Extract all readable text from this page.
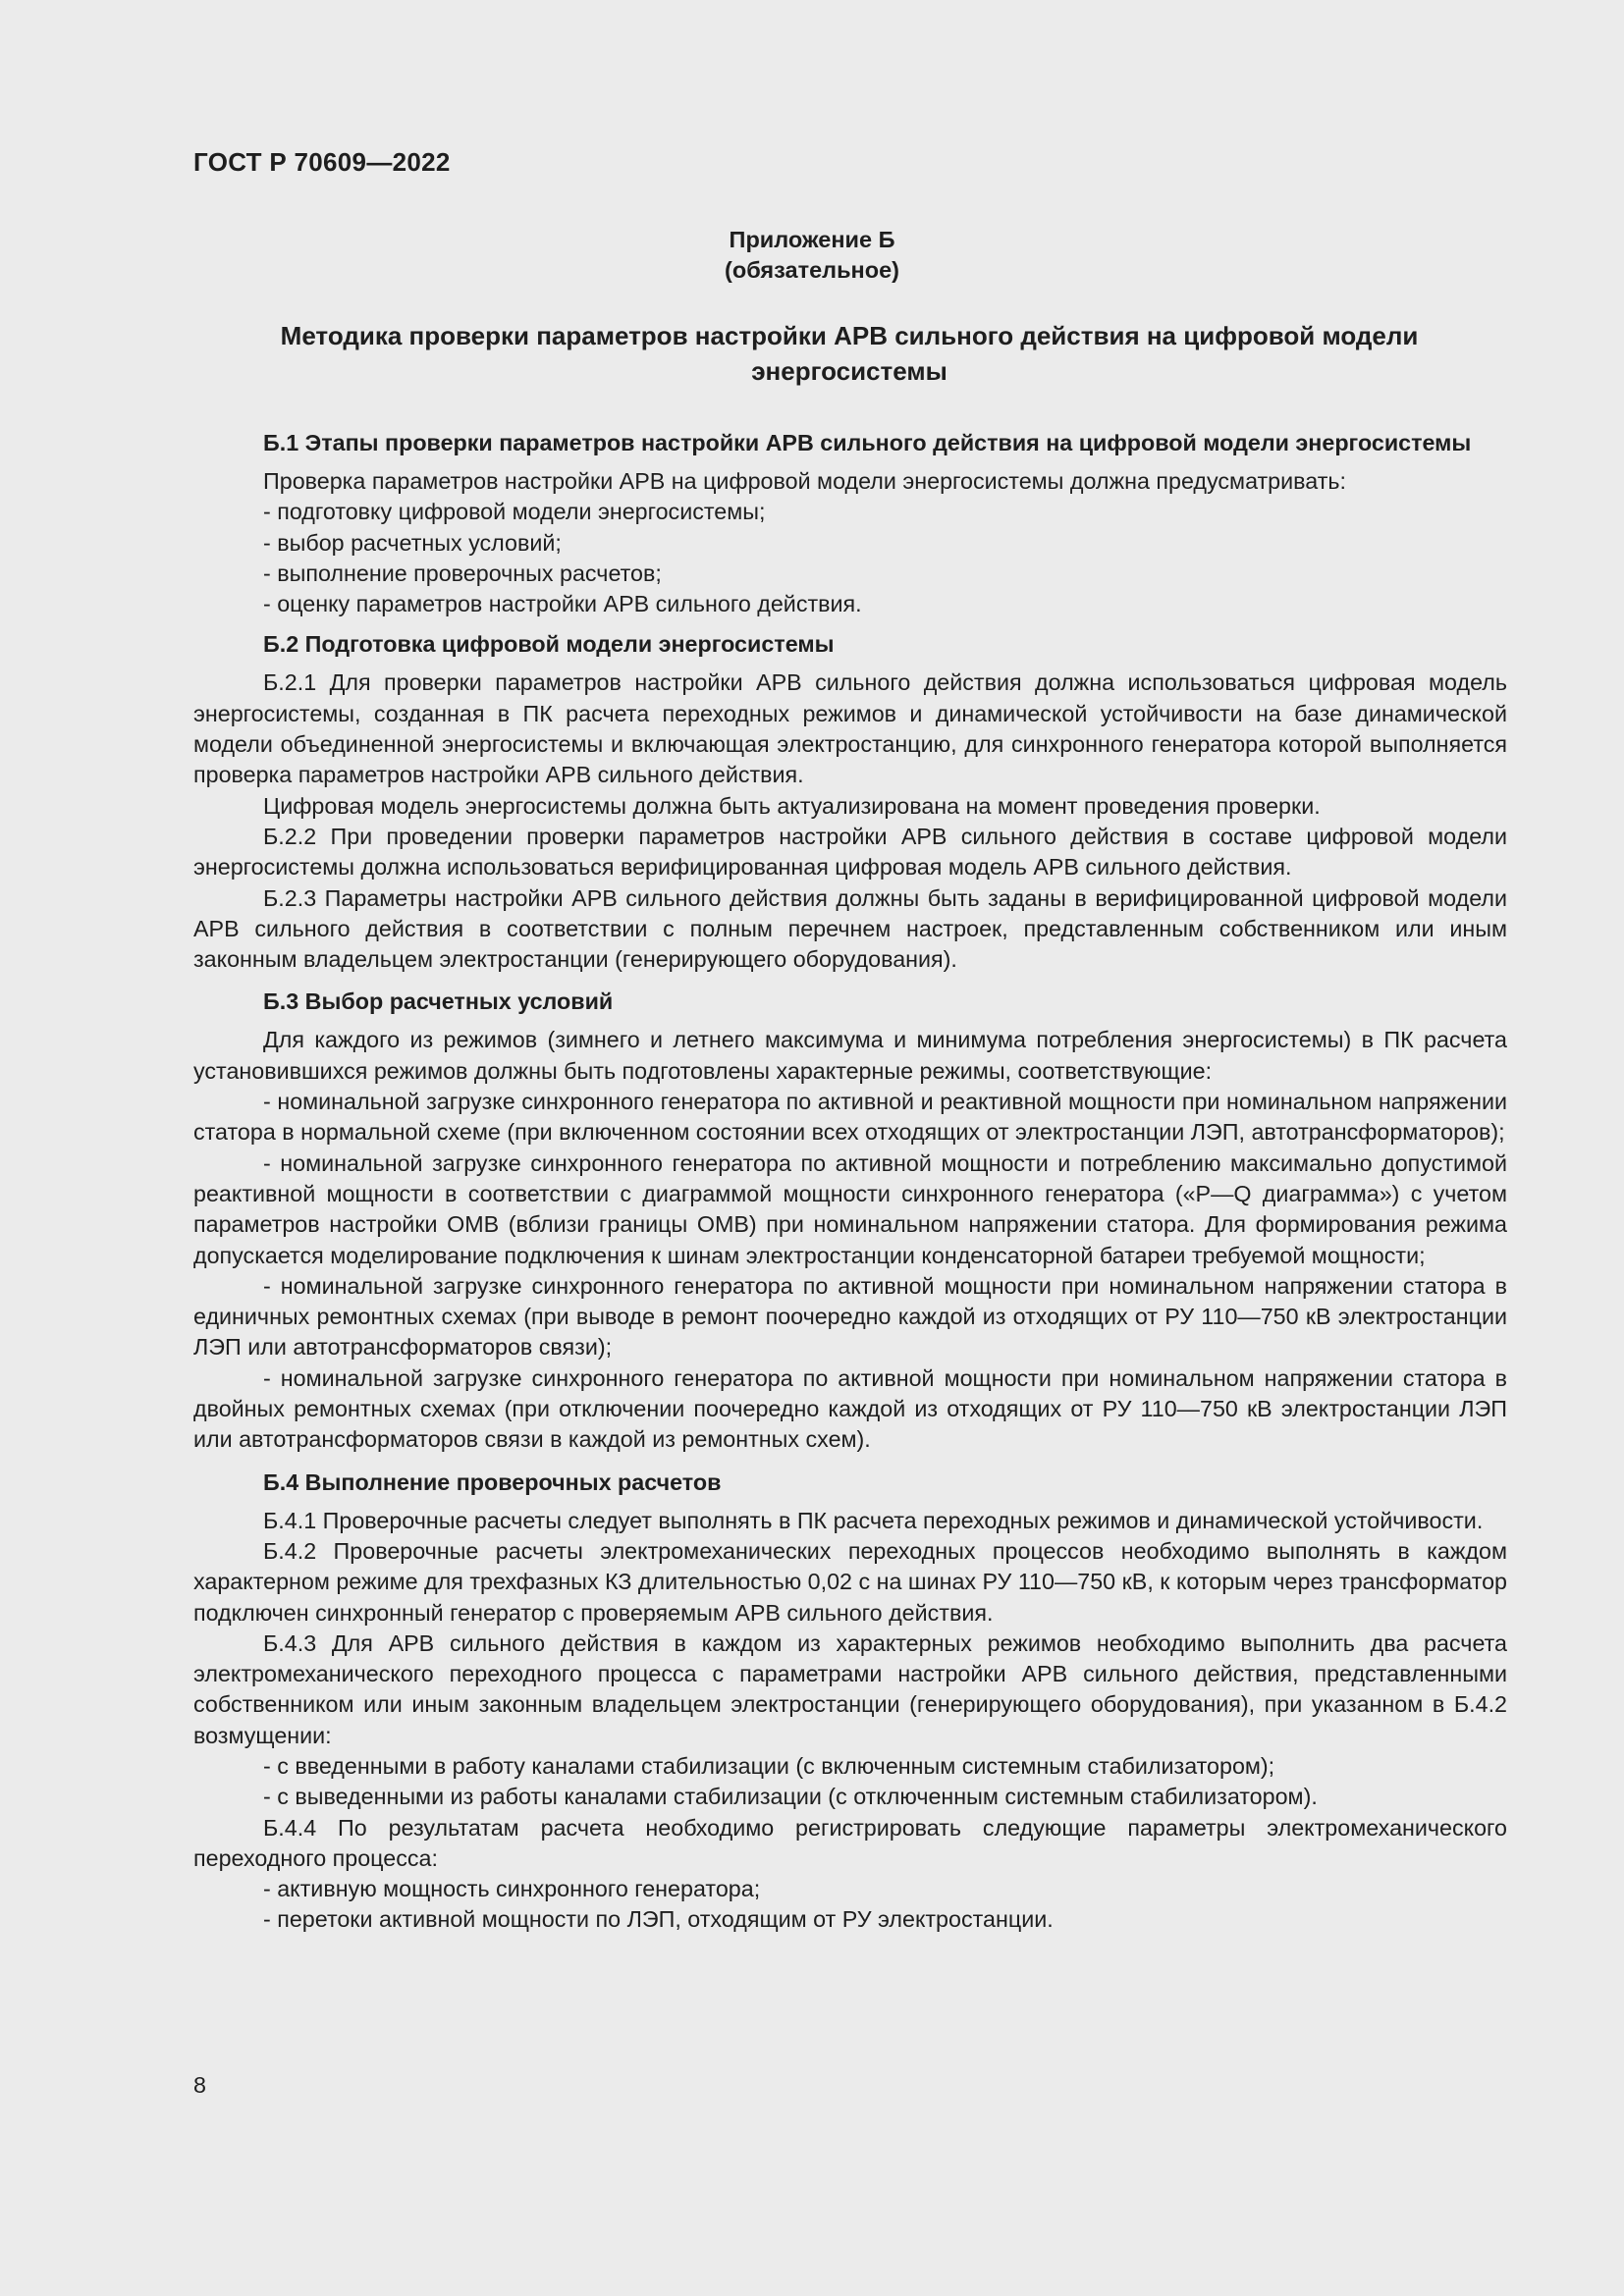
ГОСТ Р 70609—2022
Приложение Б
(обязательное)
Методика проверки параметров настройки АРВ сильного действия на цифровой модели энергосистемы

Б.1 Этапы проверки параметров настройки АРВ сильного действия на цифровой модели энергосистемы

Проверка параметров настройки АРВ на цифровой модели энергосистемы должна предусматривать:

- подготовку цифровой модели энергосистемы;

- выбор расчетных условий;

- выполнение проверочных расчетов;

- оценку параметров настройки АРВ сильного действия.

Б.2 Подготовка цифровой модели энергосистемы

Б.2.1 Для проверки параметров настройки АРВ сильного действия должна использоваться цифровая модель энергосистемы, созданная в ПК расчета переходных режимов и динамической устойчивости на базе динамической модели объединенной энергосистемы и включающая электростанцию, для синхронного генератора которой выполняется проверка параметров настройки АРВ сильного действия.

Цифровая модель энергосистемы должна быть актуализирована на момент проведения проверки.

Б.2.2 При проведении проверки параметров настройки АРВ сильного действия в составе цифровой модели энергосистемы должна использоваться верифицированная цифровая модель АРВ сильного действия.

Б.2.3 Параметры настройки АРВ сильного действия должны быть заданы в верифицированной цифровой модели АРВ сильного действия в соответствии с полным перечнем настроек, представленным собственником или иным законным владельцем электростанции (генерирующего оборудования).

Б.3 Выбор расчетных условий

Для каждого из режимов (зимнего и летнего максимума и минимума потребления энергосистемы) в ПК расчета установившихся режимов должны быть подготовлены характерные режимы, соответствующие:

- номинальной загрузке синхронного генератора по активной и реактивной мощности при номинальном напряжении статора в нормальной схеме (при включенном состоянии всех отходящих от электростанции ЛЭП, автотрансформаторов);

- номинальной загрузке синхронного генератора по активной мощности и потреблению максимально допустимой реактивной мощности в соответствии с диаграммой мощности синхронного генератора («P—Q диаграмма») с учетом параметров настройки ОМВ (вблизи границы ОМВ) при номинальном напряжении статора. Для формирования режима допускается моделирование подключения к шинам электростанции конденсаторной батареи требуемой мощности;

- номинальной загрузке синхронного генератора по активной мощности при номинальном напряжении статора в единичных ремонтных схемах (при выводе в ремонт поочередно каждой из отходящих от РУ 110—750 кВ электростанции ЛЭП или автотрансформаторов связи);

- номинальной загрузке синхронного генератора по активной мощности при номинальном напряжении статора в двойных ремонтных схемах (при отключении поочередно каждой из отходящих от РУ 110—750 кВ электростанции ЛЭП или автотрансформаторов связи в каждой из ремонтных схем).

Б.4 Выполнение проверочных расчетов

Б.4.1 Проверочные расчеты следует выполнять в ПК расчета переходных режимов и динамической устойчивости.

Б.4.2 Проверочные расчеты электромеханических переходных процессов необходимо выполнять в каждом характерном режиме для трехфазных КЗ длительностью 0,02 с на шинах РУ 110—750 кВ, к которым через трансформатор подключен синхронный генератор с проверяемым АРВ сильного действия.

Б.4.3 Для АРВ сильного действия в каждом из характерных режимов необходимо выполнить два расчета электромеханического переходного процесса с параметрами настройки АРВ сильного действия, представленными собственником или иным законным владельцем электростанции (генерирующего оборудования), при указанном в Б.4.2 возмущении:

- с введенными в работу каналами стабилизации (с включенным системным стабилизатором);

- с выведенными из работы каналами стабилизации (с отключенным системным стабилизатором).

Б.4.4 По результатам расчета необходимо регистрировать следующие параметры электромеханического переходного процесса:

- активную мощность синхронного генератора;

- перетоки активной мощности по ЛЭП, отходящим от РУ электростанции.

8
